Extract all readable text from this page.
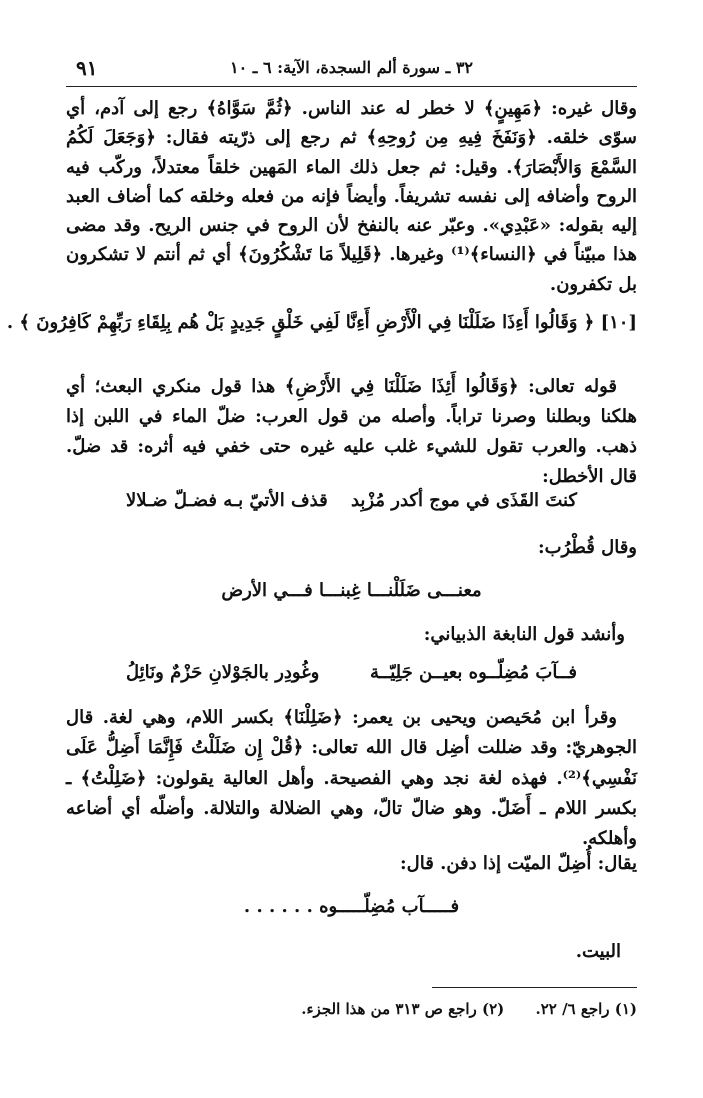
٩١	٣٢ ـ سورة ألم السجدة، الآية: ٦ ـ ١٠

وقال غيره: ﴿مَهِينٍ﴾ لا خطر له عند الناس. ﴿ثُمَّ سَوَّاهُ﴾ رجع إلى آدم، أي سوّى خلقه. ﴿وَنَفَخَ فِيهِ مِن رُوحِهِ﴾ ثم رجع إلى ذرّيته فقال: ﴿وَجَعَلَ لَكُمُ السَّمْعَ وَالأَبْصَارَ﴾. وقيل: ثم جعل ذلك الماء المَهين خلقاً معتدلاً، وركّب فيه الروح وأضافه إلى نفسه تشريفاً. وأيضاً فإنه من فعله وخلقه كما أضاف العبد إليه بقوله: «عَبْدِي». وعبّر عنه بالنفخ لأن الروح في جنس الريح. وقد مضى هذا مبيّناً في ﴿النساء﴾⁽¹⁾ وغيرها. ﴿قَلِيلاً مَا تَشْكُرُونَ﴾ أي ثم أنتم لا تشكرون بل تكفرون.

[١٠] ﴿ وَقَالُوا أَءِذَا ضَلَلْنَا فِي الْأَرْضِ أَءِنَّا لَفِي خَلْقٍ جَدِيدٍ بَلْ هُم بِلِقَاءِ رَبِّهِمْ كَافِرُونَ ﴾ .

قوله تعالى: ﴿وَقَالُوا أَئِذَا ضَلَلْنَا فِي الأَرْضِ﴾ هذا قول منكري البعث؛ أي هلكنا وبطلنا وصرنا تراباً. وأصله من قول العرب: ضلّ الماء في اللبن إذا ذهب. والعرب تقول للشيء غلب عليه غيره حتى خفي فيه أثره: قد ضلّ. قال الأخطل:

كنتَ القَذَى في موج أكدر مُزْبِد
قذف الأتيّ بـه فضـلّ ضـلالا
وقال قُطْرُب:
معنـــى ضَلَلْنـــا غِبنـــا فـــي الأرض
وأنشد قول النابغة الذبياني:
فــآبَ مُضِلّــوه بعيــن جَلِيّــة
وغُودِر بالجَوْلانِ حَزْمٌ ونَائِلُ

وقرأ ابن مُحَيصن ويحيى بن يعمر: ﴿ضَلِلْنَا﴾ بكسر اللام، وهي لغة. قال الجوهريّ: وقد ضللت أضِل قال الله تعالى: ﴿قُلْ إِن ضَلَلْتُ فَإِنَّمَا أَضِلُّ عَلَى نَفْسِي﴾⁽²⁾. فهذه لغة نجد وهي الفصيحة. وأهل العالية يقولون: ﴿ضَلِلْتُ﴾ ـ بكسر اللام ـ أَضَلّ. وهو ضالّ تالّ، وهي الضلالة والتلالة. وأضلّه أي أضاعه وأهلكه.

يقال: أُضِلّ الميّت إذا دفن. قال:
فـــــآب مُضِلّـــــوه . . . . . .
البيت.
(١) راجع ٦/ ٢٢. (٢) راجع ص ٣١٣ من هذا الجزء.
